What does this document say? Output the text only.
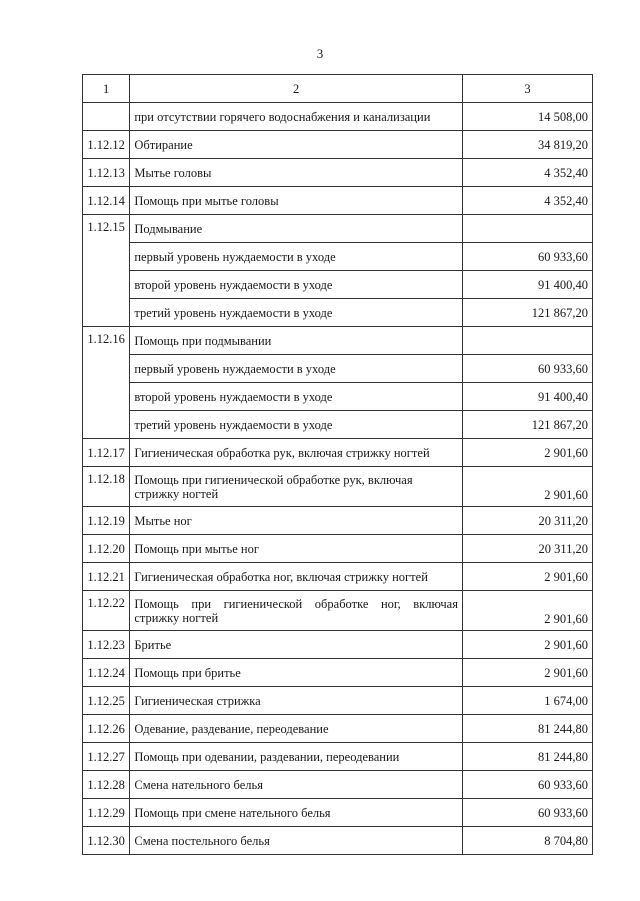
3
1	2	3
	при отсутствии горячего водоснабжения и канализации	14 508,00
1.12.12	Обтирание	34 819,20
1.12.13	Мытье головы	4 352,40
1.12.14	Помощь при мытье головы	4 352,40
1.12.15	Подмывание	
	первый уровень нуждаемости в уходе	60 933,60
	второй уровень нуждаемости в уходе	91 400,40
	третий уровень нуждаемости в уходе	121 867,20
1.12.16	Помощь при подмывании	
	первый уровень нуждаемости в уходе	60 933,60
	второй уровень нуждаемости в уходе	91 400,40
	третий уровень нуждаемости в уходе	121 867,20
1.12.17	Гигиеническая обработка рук, включая стрижку ногтей	2 901,60
1.12.18	Помощь при гигиенической обработке рук, включая стрижку ногтей	2 901,60
1.12.19	Мытье ног	20 311,20
1.12.20	Помощь при мытье ног	20 311,20
1.12.21	Гигиеническая обработка ног, включая стрижку ногтей	2 901,60
1.12.22	Помощь при гигиенической обработке ног, включая стрижку ногтей	2 901,60
1.12.23	Бритье	2 901,60
1.12.24	Помощь при бритье	2 901,60
1.12.25	Гигиеническая стрижка	1 674,00
1.12.26	Одевание, раздевание, переодевание	81 244,80
1.12.27	Помощь при одевании, раздевании, переодевании	81 244,80
1.12.28	Смена нательного белья	60 933,60
1.12.29	Помощь при смене нательного белья	60 933,60
1.12.30	Смена постельного белья	8 704,80
